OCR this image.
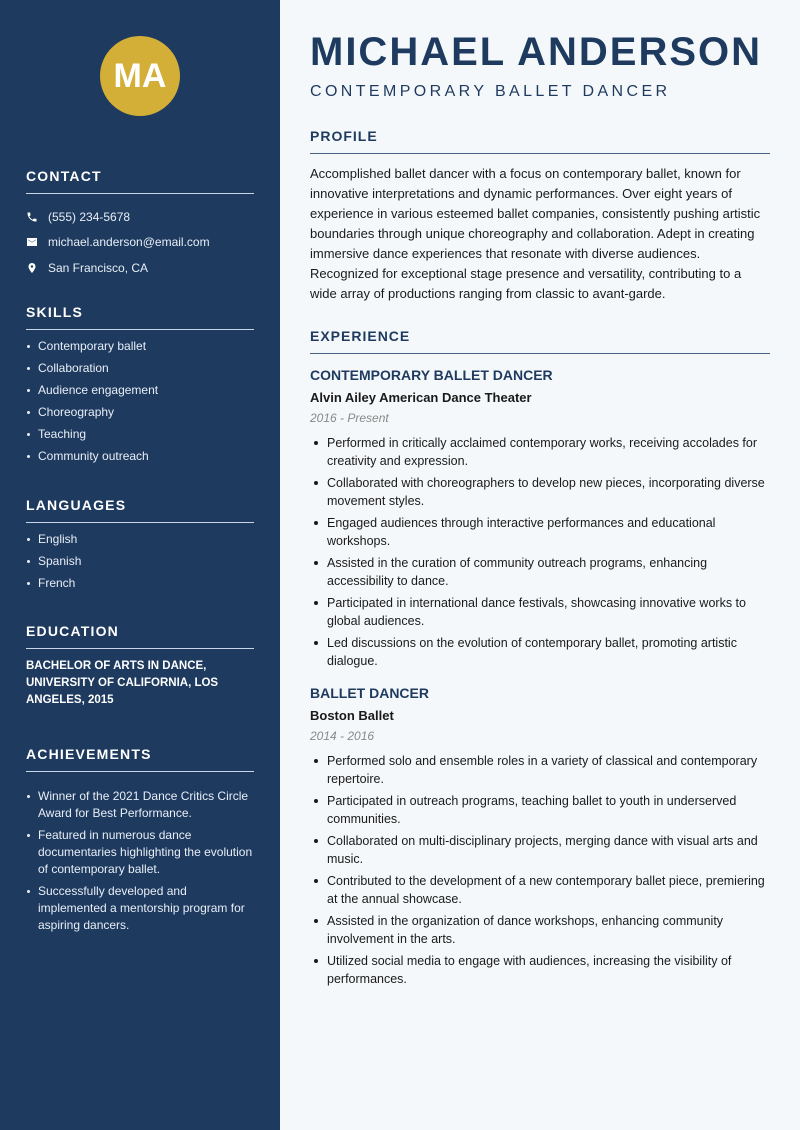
MA
CONTACT
(555) 234-5678
michael.anderson@email.com
San Francisco, CA
SKILLS
Contemporary ballet
Collaboration
Audience engagement
Choreography
Teaching
Community outreach
LANGUAGES
English
Spanish
French
EDUCATION
BACHELOR OF ARTS IN DANCE, UNIVERSITY OF CALIFORNIA, LOS ANGELES, 2015
ACHIEVEMENTS
Winner of the 2021 Dance Critics Circle Award for Best Performance.
Featured in numerous dance documentaries highlighting the evolution of contemporary ballet.
Successfully developed and implemented a mentorship program for aspiring dancers.
MICHAEL ANDERSON
CONTEMPORARY BALLET DANCER
PROFILE

Accomplished ballet dancer with a focus on contemporary ballet, known for innovative interpretations and dynamic performances. Over eight years of experience in various esteemed ballet companies, consistently pushing artistic boundaries through unique choreography and collaboration. Adept in creating immersive dance experiences that resonate with diverse audiences. Recognized for exceptional stage presence and versatility, contributing to a wide array of productions ranging from classic to avant-garde.

EXPERIENCE
CONTEMPORARY BALLET DANCER
Alvin Ailey American Dance Theater
2016 - Present
Performed in critically acclaimed contemporary works, receiving accolades for creativity and expression.
Collaborated with choreographers to develop new pieces, incorporating diverse movement styles.
Engaged audiences through interactive performances and educational workshops.
Assisted in the curation of community outreach programs, enhancing accessibility to dance.
Participated in international dance festivals, showcasing innovative works to global audiences.
Led discussions on the evolution of contemporary ballet, promoting artistic dialogue.
BALLET DANCER
Boston Ballet
2014 - 2016
Performed solo and ensemble roles in a variety of classical and contemporary repertoire.
Participated in outreach programs, teaching ballet to youth in underserved communities.
Collaborated on multi-disciplinary projects, merging dance with visual arts and music.
Contributed to the development of a new contemporary ballet piece, premiering at the annual showcase.
Assisted in the organization of dance workshops, enhancing community involvement in the arts.
Utilized social media to engage with audiences, increasing the visibility of performances.
